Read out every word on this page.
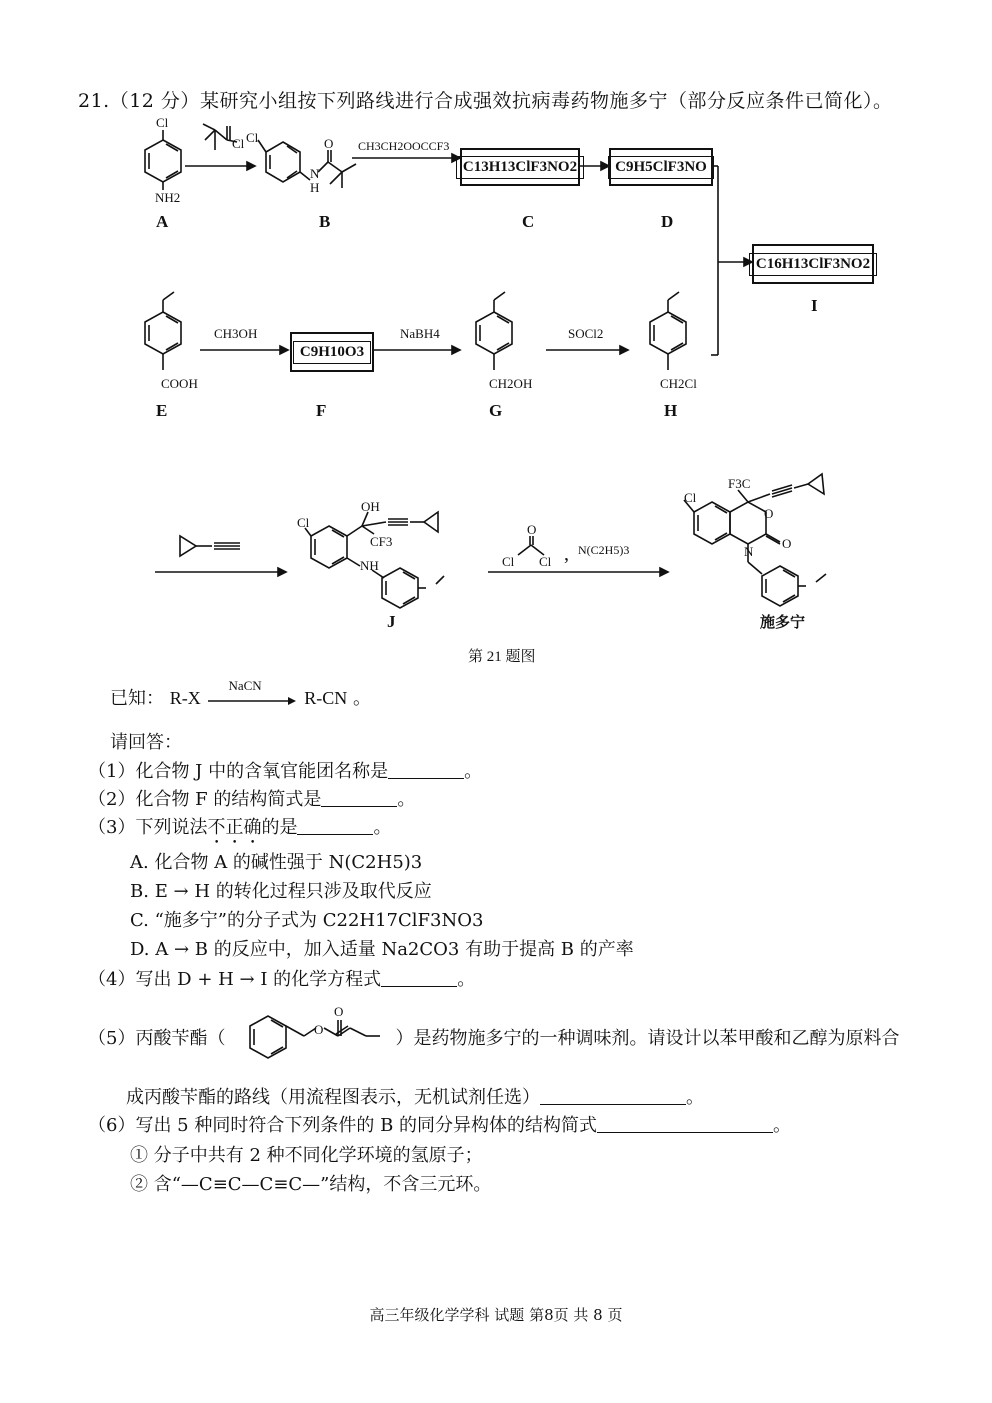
21.（12 分）某研究小组按下列路线进行合成强效抗病毒药物施多宁（部分反应条件已简化）。
Cl
NH2
Cl Cl
N
H
O CH3CH2OOCCF3
COOH
CH3OH	NaBH4
CH2OH
SOCl2
CH2Cl
Cl
OH
CF3
NH
O
Cl Cl , N(C2H5)3
F3C
Cl
O
O
N
A	B	C	D
I
E	F	G	H
J	施多宁
第 21 题图
C13H13ClF3NO2	C9H5ClF3NO
C16H13ClF3NO2
C9H10O3
已知： R-X
NaCN
R-CN 。
请回答：
（1）化合物 J 中的含氧官能团名称是	。
（2）化合物 F 的结构简式是	。
（3）下列说法不正确的是	。
A. 化合物 A 的碱性强于 N(C2H5)3
B. E → H 的转化过程只涉及取代反应
C. “施多宁”的分子式为 C22H17ClF3NO3
D. A → B 的反应中，加入适量 Na2CO3 有助于提高 B 的产率
（4）写出 D + H → I 的化学方程式	。
（5）丙酸苄酯（	）是药物施多宁的一种调味剂。请设计以苯甲酸和乙醇为原料合
O
O
成丙酸苄酯的路线（用流程图表示，无机试剂任选）	。
（6）写出 5 种同时符合下列条件的 B 的同分异构体的结构简式	。
① 分子中共有 2 种不同化学环境的氢原子；
② 含“—C≡C—C≡C—”结构，不含三元环。
高三年级化学学科 试题 第8页 共 8 页
